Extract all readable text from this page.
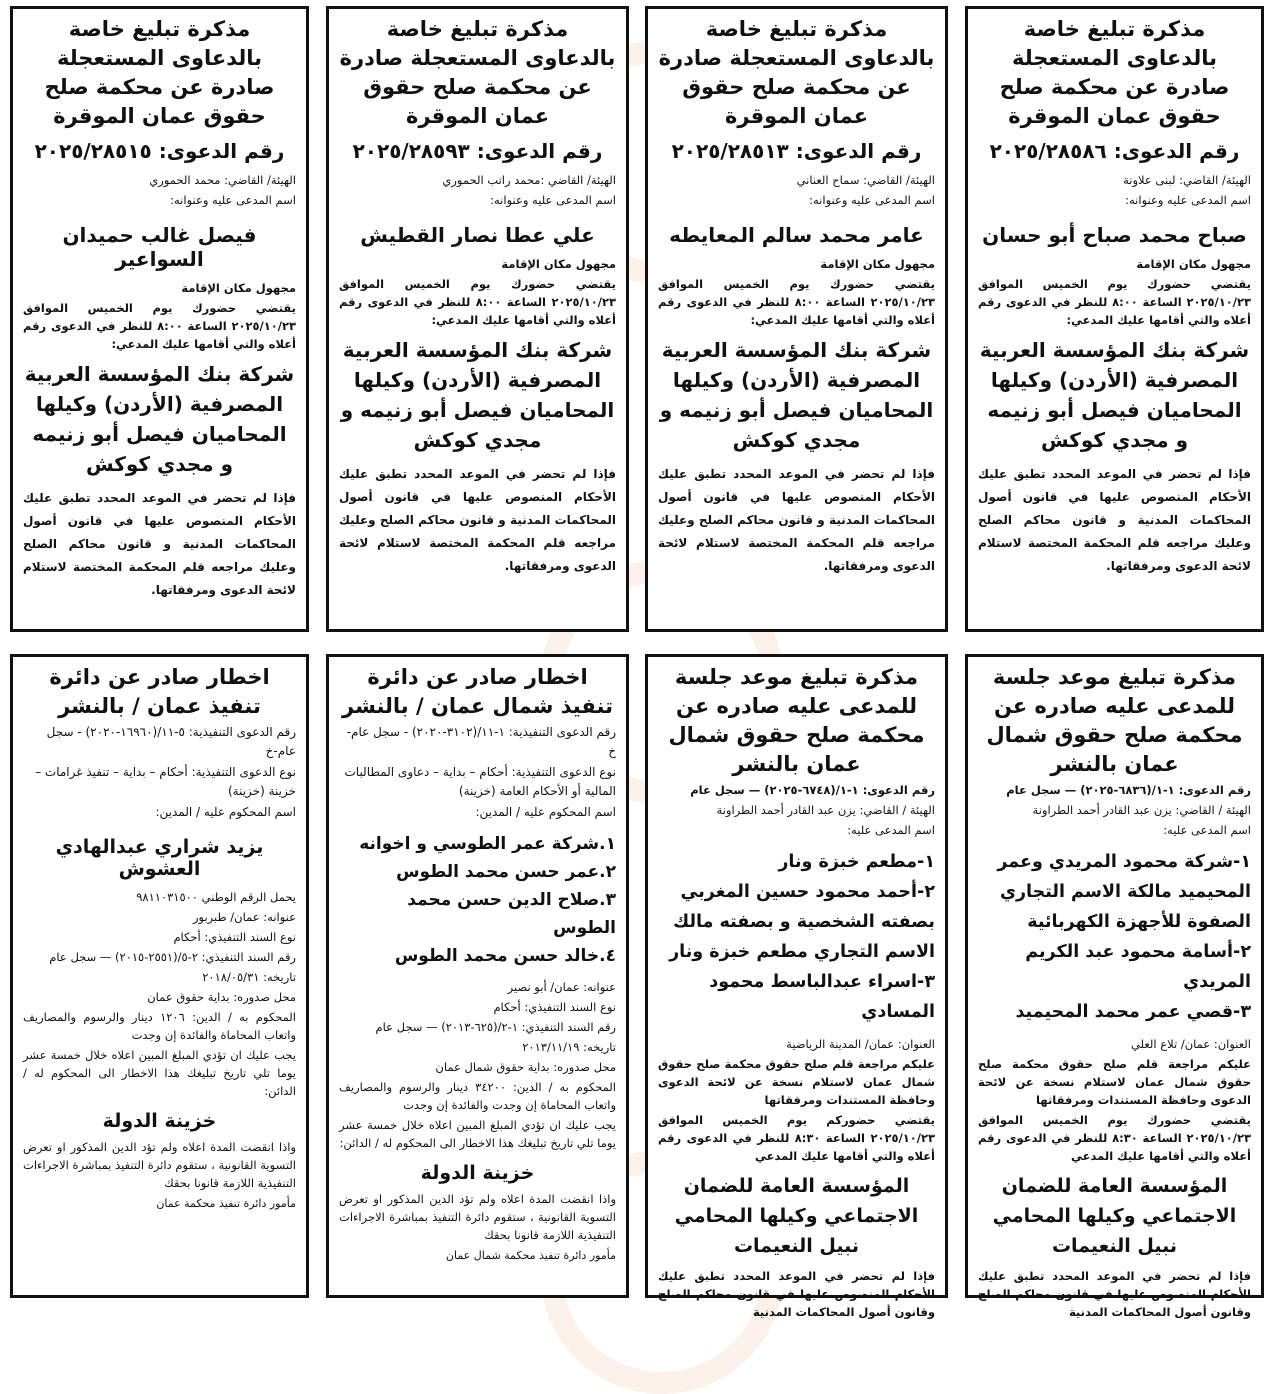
مذكرة تبليغ خاصة بالدعاوى المستعجلة صادرة عن محكمة صلح حقوق عمان الموقرة
رقم الدعوى: ٢٠٢٥/٢٨٥٨٦
الهيئة/ القاضي: لبنى علاونة
اسم المدعى عليه وعنوانه:
صباح محمد صباح أبو حسان
مجهول مكان الإقامة
يقتضي حضورك يوم الخميس الموافق ٢٠٢٥/١٠/٢٣ الساعة ٨:٠٠ للنظر في الدعوى رقم أعلاه والتي أقامها عليك المدعي:
شركة بنك المؤسسة العربية المصرفية (الأردن) وكيلها المحاميان فيصل أبو زنيمه و مجدي كوكش
فإذا لم تحضر في الموعد المحدد تطبق عليك الأحكام المنصوص عليها في قانون أصول المحاكمات المدنية و قانون محاكم الصلح وعليك مراجعه قلم المحكمة المختصة لاستلام لائحة الدعوى ومرفقاتها.
مذكرة تبليغ خاصة بالدعاوى المستعجلة صادرة عن محكمة صلح حقوق عمان الموقرة
رقم الدعوى: ٢٠٢٥/٢٨٥١٣
الهيئة/ القاضي: سماح العناني
اسم المدعى عليه وعنوانه:
عامر محمد سالم المعايطه
مجهول مكان الإقامة
يقتضي حضورك يوم الخميس الموافق ٢٠٢٥/١٠/٢٣ الساعة ٨:٠٠ للنظر في الدعوى رقم أعلاه والتي أقامها عليك المدعي:
شركة بنك المؤسسة العربية المصرفية (الأردن) وكيلها المحاميان فيصل أبو زنيمه و مجدي كوكش
فإذا لم تحضر في الموعد المحدد تطبق عليك الأحكام المنصوص عليها في قانون أصول المحاكمات المدنية و قانون محاكم الصلح وعليك مراجعه قلم المحكمة المختصة لاستلام لائحة الدعوى ومرفقاتها.
مذكرة تبليغ خاصة بالدعاوى المستعجلة صادرة عن محكمة صلح حقوق عمان الموقرة
رقم الدعوى: ٢٠٢٥/٢٨٥٩٣
الهيئة/ القاضي :محمد راتب الحموري
اسم المدعى عليه وعنوانه:
علي عطا نصار القطيش
مجهول مكان الإقامة
يقتضي حضورك يوم الخميس الموافق ٢٠٢٥/١٠/٢٣ الساعة ٨:٠٠ للنظر في الدعوى رقم أعلاه والتي أقامها عليك المدعي:
شركة بنك المؤسسة العربية المصرفية (الأردن) وكيلها المحاميان فيصل أبو زنيمه و مجدي كوكش
فإذا لم تحضر في الموعد المحدد تطبق عليك الأحكام المنصوص عليها في قانون أصول المحاكمات المدنية و قانون محاكم الصلح وعليك مراجعه قلم المحكمة المختصة لاستلام لائحة الدعوى ومرفقاتها.
مذكرة تبليغ خاصة بالدعاوى المستعجلة صادرة عن محكمة صلح حقوق عمان الموقرة
رقم الدعوى: ٢٠٢٥/٢٨٥١٥
الهيئة/ القاضي: محمد الحموري
اسم المدعى عليه وعنوانه:
فيصل غالب حميدان السواعير
مجهول مكان الإقامة
يقتضي حضورك يوم الخميس الموافق ٢٠٢٥/١٠/٢٣ الساعة ٨:٠٠ للنظر في الدعوى رقم أعلاه والتي أقامها عليك المدعي:
شركة بنك المؤسسة العربية المصرفية (الأردن) وكيلها المحاميان فيصل أبو زنيمه و مجدي كوكش
فإذا لم تحضر في الموعد المحدد تطبق عليك الأحكام المنصوص عليها في قانون أصول المحاكمات المدنية و قانون محاكم الصلح وعليك مراجعه قلم المحكمة المختصة لاستلام لائحة الدعوى ومرفقاتها.
مذكرة تبليغ موعد جلسة للمدعى عليه صادره عن محكمة صلح حقوق شمال عمان بالنشر
رقم الدعوى: ١-١/(٦٨٣٦-٢٠٢٥) — سجل عام
الهيئة / القاضي: يزن عبد القادر أحمد الطراونة
اسم المدعى عليه:
١-شركة محمود المريدي وعمر المحيميد مالكة الاسم التجاري الصفوة للأجهزة الكهربائية
٢-أسامة محمود عبد الكريم المريدي
٣-قصي عمر محمد المحيميد
العنوان: عمان/ تلاع العلي
عليكم مراجعة قلم صلح حقوق محكمة صلح حقوق شمال عمان لاستلام نسخة عن لائحة الدعوى وحافظة المستندات ومرفقاتها
يقتضي حضورك يوم الخميس الموافق ٢٠٢٥/١٠/٢٣ الساعة ٨:٣٠ للنظر في الدعوى رقم أعلاه والتي أقامها عليك المدعي
المؤسسة العامة للضمان الاجتماعي وكيلها المحامي نبيل النعيمات
فإذا لم تحضر في الموعد المحدد تطبق عليك الأحكام المنصوص عليها في قانون محاكم الصلح وقانون أصول المحاكمات المدنية
مذكرة تبليغ موعد جلسة للمدعى عليه صادره عن محكمة صلح حقوق شمال عمان بالنشر
رقم الدعوى: ١-١/(٦٧٤٨-٢٠٢٥) — سجل عام
الهيئة / القاضي: يزن عبد القادر أحمد الطراونة
اسم المدعى عليه:
١-مطعم خبزة ونار
٢-أحمد محمود حسين المغربي بصفته الشخصية و بصفته مالك الاسم التجاري مطعم خبزة ونار
٣-اسراء عبدالباسط محمود المسادي
العنوان: عمان/ المدينة الرياضية
عليكم مراجعة قلم صلح حقوق محكمة صلح حقوق شمال عمان لاستلام نسخة عن لائحة الدعوى وحافظة المستندات ومرفقاتها
يقتضي حضوركم يوم الخميس الموافق ٢٠٢٥/١٠/٢٣ الساعة ٨:٣٠ للنظر في الدعوى رقم أعلاه والتي أقامها عليك المدعي
المؤسسة العامة للضمان الاجتماعي وكيلها المحامي نبيل النعيمات
فإذا لم تحضر في الموعد المحدد تطبق عليك الأحكام المنصوص عليها في قانون محاكم الصلح وقانون أصول المحاكمات المدنية
اخطار صادر عن دائرة تنفيذ شمال عمان / بالنشر
رقم الدعوى التنفيذية: ١-١١/(٣١٠٢-٢٠٢٠) - سجل عام-خ
نوع الدعوى التنفيذية: أحكام – بداية – دعاوى المطالبات المالية أو الأحكام العامة (خزينة)
اسم المحكوم عليه / المدين:
١.شركة عمر الطوسي و اخوانه
٢.عمر حسن محمد الطوس
٣.صلاح الدين حسن محمد الطوس
٤.خالد حسن محمد الطوس
عنوانه: عمان/ أبو نصير
نوع السند التنفيذي: أحكام
رقم السند التنفيذي: ١-٢/(٦٢٥-٢٠١٣) — سجل عام
تاريخه: ٢٠١٣/١١/١٩
محل صدوره: بداية حقوق شمال عمان
المحكوم به / الدين: ٣٤٢٠٠ دينار والرسوم والمصاريف واتعاب المحاماة إن وجدت والفائدة إن وجدت
يجب عليك ان تؤدي المبلغ المبين اعلاه خلال خمسة عشر يوما تلي تاريخ تبليغك هذا الاخطار الى المحكوم له / الدائن:
خزينة الدولة
واذا انقضت المدة اعلاه ولم تؤد الدين المذكور او تعرض التسوية القانونية ، ستقوم دائرة التنفيذ بمباشرة الاجراءات التنفيذية اللازمة قانونا بحقك
مأمور دائرة تنفيذ محكمة شمال عمان
اخطار صادر عن دائرة تنفيذ عمان / بالنشر
رقم الدعوى التنفيذية: ٥-١١/(١٦٩٦٠-٢٠٢٠) - سجل عام-خ
نوع الدعوى التنفيذية: أحكام – بداية – تنفيذ غرامات – خزينة (خزينة)
اسم المحكوم عليه / المدين:
يزيد شراري عبدالهادي العشوش
يحمل الرقم الوطني ٩٨١١٠٣١٥٠٠
عنوانه: عمان/ طبربور
نوع السند التنفيذي: أحكام
رقم السند التنفيذي: ٢-٥/(٢٥٥١-٢٠١٥) — سجل عام
تاريخه: ٢٠١٨/٠٥/٣١
محل صدوره: بداية حقوق عمان
المحكوم به / الدين: ١٢٠٦ دينار والرسوم والمصاريف واتعاب المحاماة والفائدة إن وجدت
يجب عليك ان تؤدي المبلغ المبين اعلاه خلال خمسة عشر يوما تلي تاريخ تبليغك هذا الاخطار الى المحكوم له / الدائن:
خزينة الدولة
واذا انقضت المدة اعلاه ولم تؤد الدين المذكور او تعرض التسوية القانونية ، ستقوم دائرة التنفيذ بمباشرة الاجراءات التنفيذية اللازمة قانونا بحقك
مأمور دائرة تنفيذ محكمة عمان
